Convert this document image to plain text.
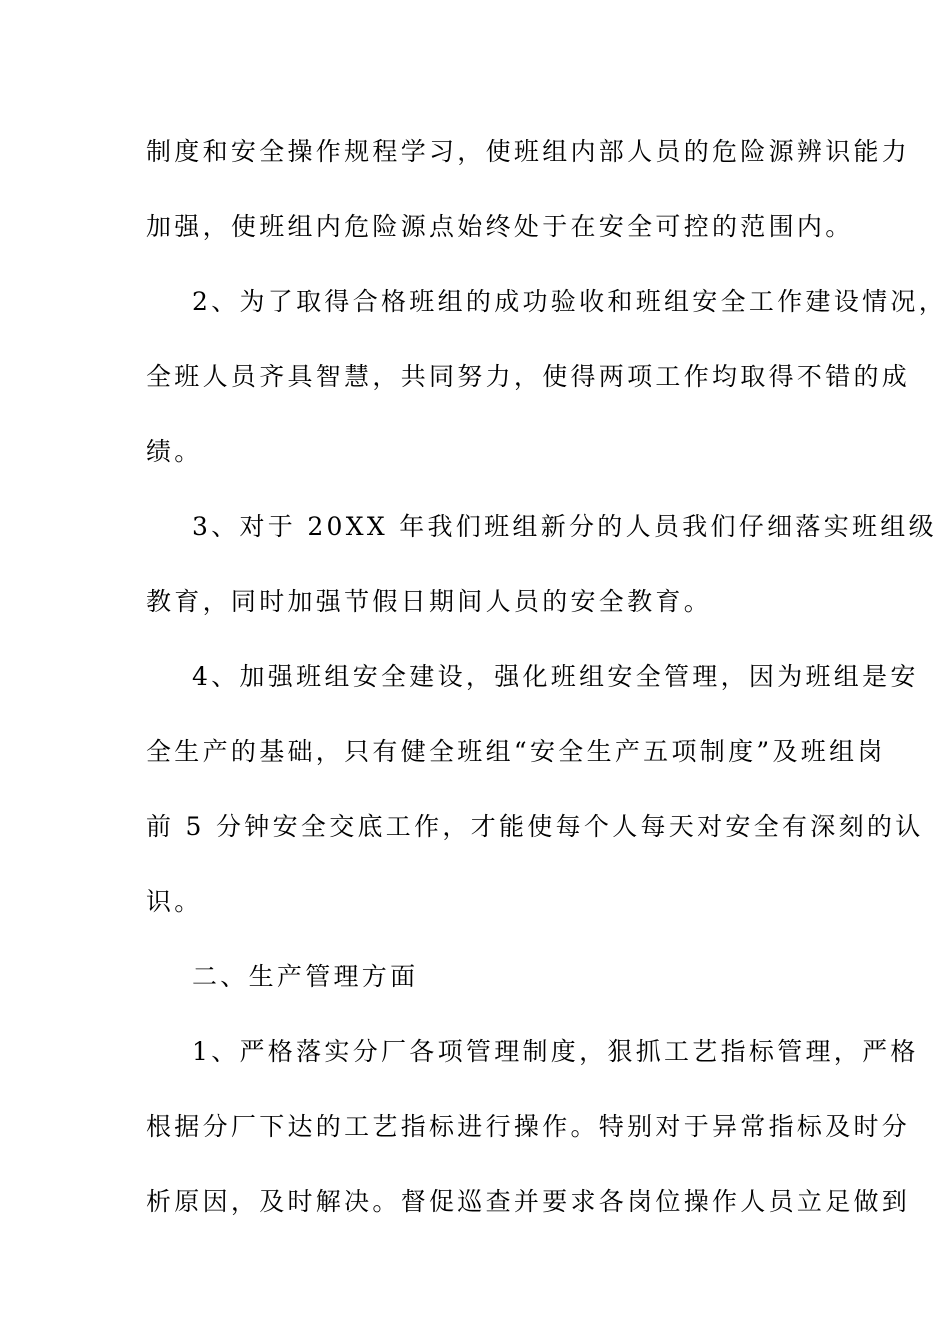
制度和安全操作规程学习，使班组内部人员的危险源辨识能力
加强，使班组内危险源点始终处于在安全可控的范围内。
2、为了取得合格班组的成功验收和班组安全工作建设情况，
全班人员齐具智慧，共同努力，使得两项工作均取得不错的成
绩。
3、对于 20XX 年我们班组新分的人员我们仔细落实班组级
教育，同时加强节假日期间人员的安全教育。
4、加强班组安全建设，强化班组安全管理，因为班组是安
全生产的基础，只有健全班组“安全生产五项制度”及班组岗
前 5 分钟安全交底工作，才能使每个人每天对安全有深刻的认
识。
二、生产管理方面
1、严格落实分厂各项管理制度，狠抓工艺指标管理，严格
根据分厂下达的工艺指标进行操作。特别对于异常指标及时分
析原因，及时解决。督促巡查并要求各岗位操作人员立足做到
